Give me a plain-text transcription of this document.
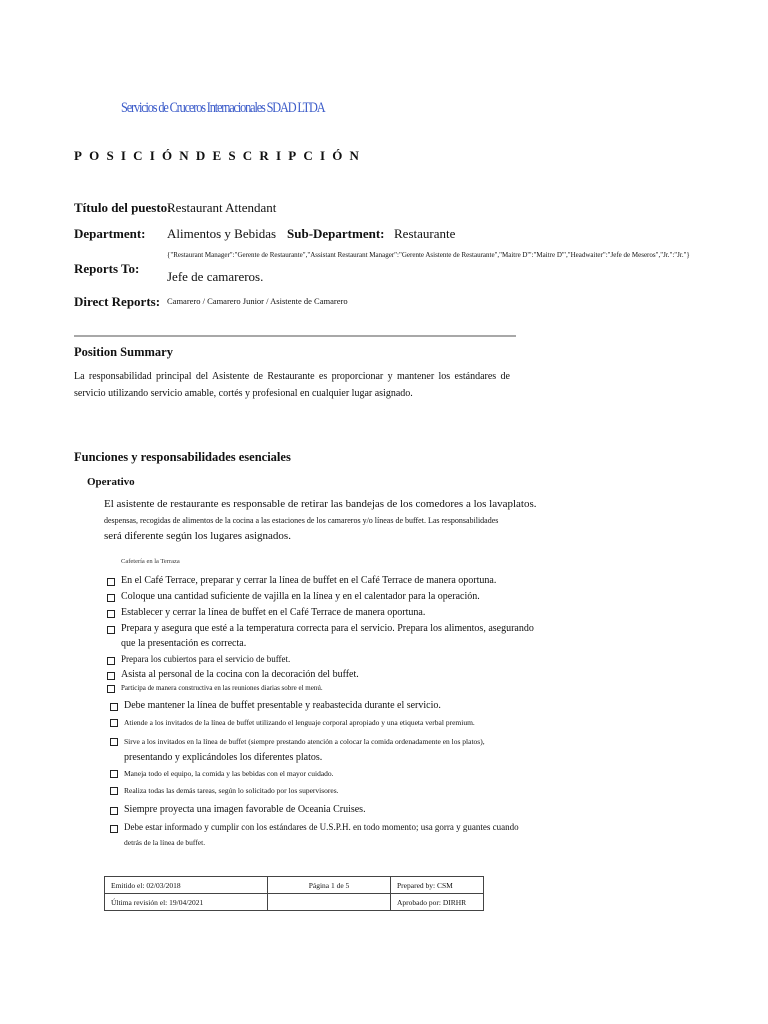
Servicios de Cruceros Internacionales SDAD LTDA
POSICIÓNDESCRIPCIÓN
Título del puesto:
Restaurant Attendant
Department: Alimentos y Bebidas Sub-Department: Restaurante
Reports To:
{"Restaurant Manager":"Gerente de Restaurante","Assistant Restaurant Manager":"Gerente Asistente de Restaurante","Maitre D'":"Maitre D'","Headwaiter":"Jefe de Meseros","Jr.":"Jr."}
Jefe de camareros.
Direct Reports: Camarero / Camarero Junior / Asistente de Camarero
Position Summary
La responsabilidad principal del Asistente de Restaurante es proporcionar y mantener los estándares de servicio utilizando servicio amable, cortés y profesional en cualquier lugar asignado.
Funciones y responsabilidades esenciales
Operativo
El asistente de restaurante es responsable de retirar las bandejas de los comedores a los lavaplatos.
despensas, recogidas de alimentos de la cocina a las estaciones de los camareros y/o líneas de buffet. Las responsabilidades
será diferente según los lugares asignados.
Cafetería en la Terraza
En el Café Terrace, preparar y cerrar la línea de buffet en el Café Terrace de manera oportuna.
Coloque una cantidad suficiente de vajilla en la línea y en el calentador para la operación.
Establecer y cerrar la línea de buffet en el Café Terrace de manera oportuna.
Prepara y asegura que esté a la temperatura correcta para el servicio. Prepara los alimentos, asegurando
que la presentación es correcta.
Prepara los cubiertos para el servicio de buffet.
Asista al personal de la cocina con la decoración del buffet.
Participa de manera constructiva en las reuniones diarias sobre el menú.
Debe mantener la línea de buffet presentable y reabastecida durante el servicio.
Atiende a los invitados de la línea de buffet utilizando el lenguaje corporal apropiado y una etiqueta verbal premium.
Sirve a los invitados en la línea de buffet (siempre prestando atención a colocar la comida ordenadamente en los platos),
presentando y explicándoles los diferentes platos.
Maneja todo el equipo, la comida y las bebidas con el mayor cuidado.
Realiza todas las demás tareas, según lo solicitado por los supervisores.
Siempre proyecta una imagen favorable de Oceania Cruises.
Debe estar informado y cumplir con los estándares de U.S.P.H. en todo momento; usa gorra y guantes cuando
detrás de la línea de buffet.
Emitido el: 02/03/2018	Página 1 de 5	Prepared by: CSM
Última revisión el: 19/04/2021		Aprobado por: DIRHR
